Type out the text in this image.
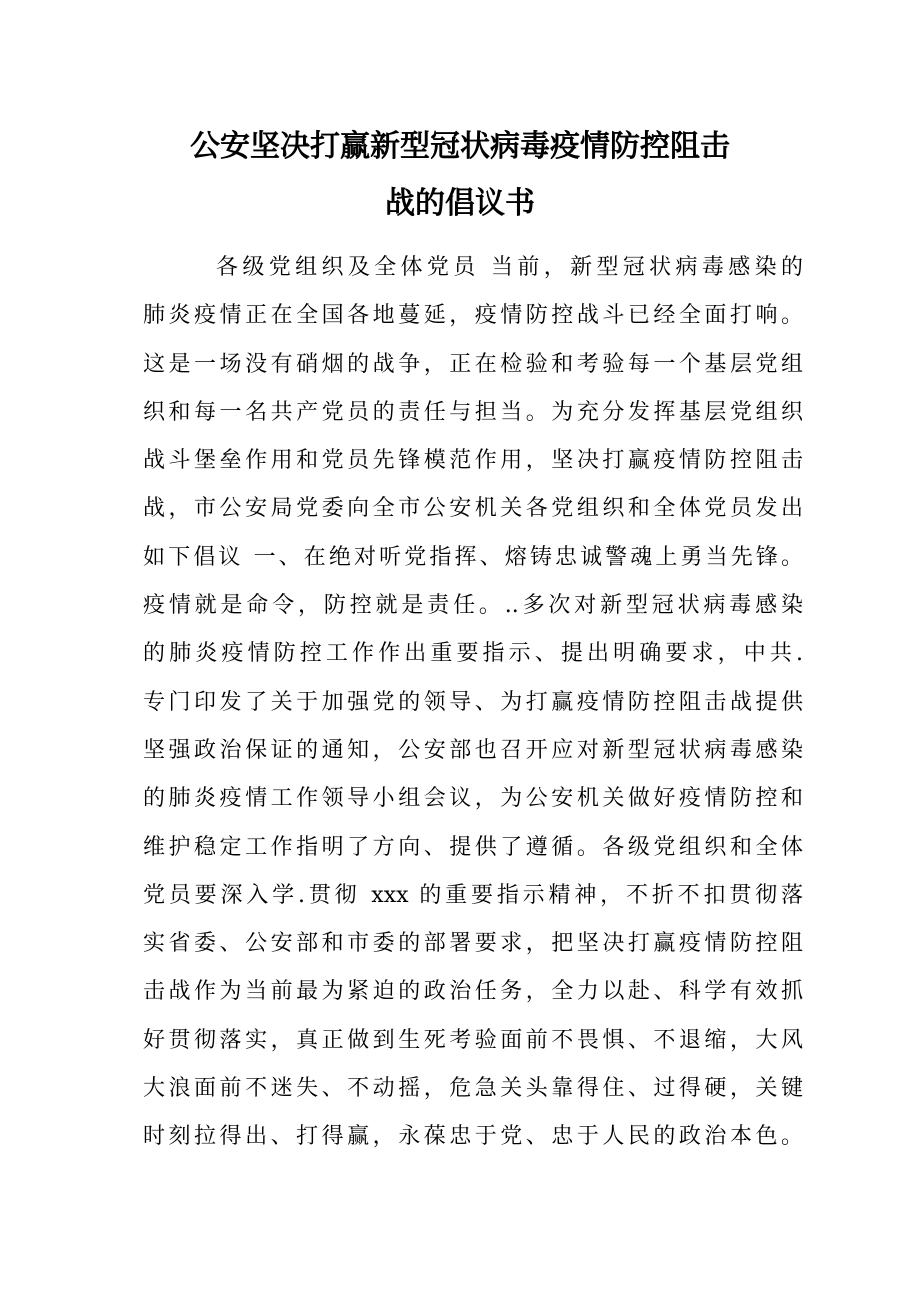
公安坚决打赢新型冠状病毒疫情防控阻击
战的倡议书
各级党组织及全体党员 当前，新型冠状病毒感染的
肺炎疫情正在全国各地蔓延，疫情防控战斗已经全面打响。
这是一场没有硝烟的战争，正在检验和考验每一个基层党组
织和每一名共产党员的责任与担当。为充分发挥基层党组织
战斗堡垒作用和党员先锋模范作用，坚决打赢疫情防控阻击
战，市公安局党委向全市公安机关各党组织和全体党员发出
如下倡议 一、在绝对听党指挥、熔铸忠诚警魂上勇当先锋。
疫情就是命令，防控就是责任。..多次对新型冠状病毒感染
的肺炎疫情防控工作作出重要指示、提出明确要求，中共.
专门印发了关于加强党的领导、为打赢疫情防控阻击战提供
坚强政治保证的通知，公安部也召开应对新型冠状病毒感染
的肺炎疫情工作领导小组会议，为公安机关做好疫情防控和
维护稳定工作指明了方向、提供了遵循。各级党组织和全体
党员要深入学.贯彻 xxx 的重要指示精神，不折不扣贯彻落
实省委、公安部和市委的部署要求，把坚决打赢疫情防控阻
击战作为当前最为紧迫的政治任务，全力以赴、科学有效抓
好贯彻落实，真正做到生死考验面前不畏惧、不退缩，大风
大浪面前不迷失、不动摇，危急关头靠得住、过得硬，关键
时刻拉得出、打得赢，永葆忠于党、忠于人民的政治本色。
